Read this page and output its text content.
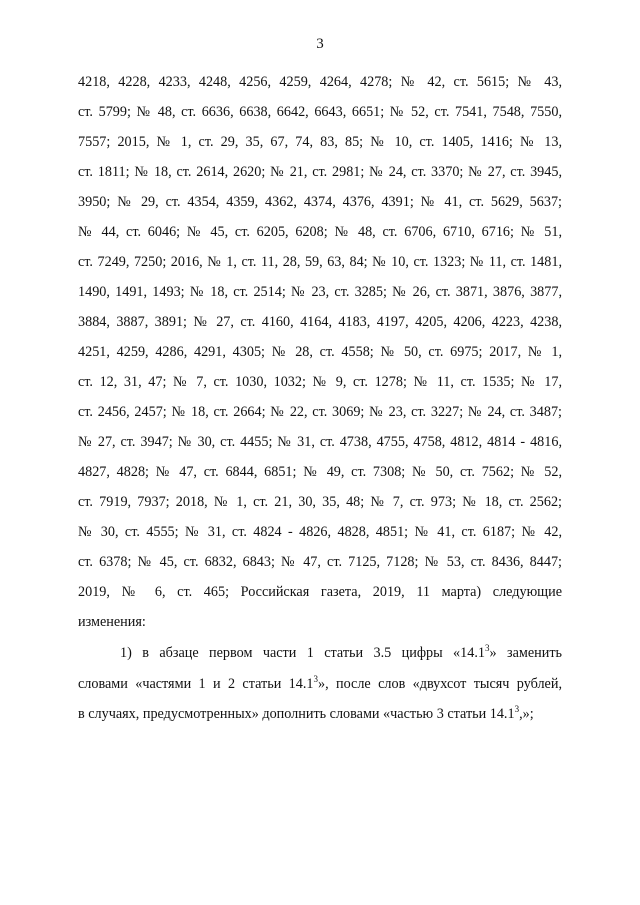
3
4218, 4228, 4233, 4248, 4256, 4259, 4264, 4278; № 42, ст. 5615; № 43,
ст. 5799; № 48, ст. 6636, 6638, 6642, 6643, 6651; № 52, ст. 7541, 7548, 7550,
7557; 2015, № 1, ст. 29, 35, 67, 74, 83, 85; № 10, ст. 1405, 1416; № 13,
ст. 1811; № 18, ст. 2614, 2620; № 21, ст. 2981; № 24, ст. 3370; № 27, ст. 3945,
3950; № 29, ст. 4354, 4359, 4362, 4374, 4376, 4391; № 41, ст. 5629, 5637;
№ 44, ст. 6046; № 45, ст. 6205, 6208; № 48, ст. 6706, 6710, 6716; № 51,
ст. 7249, 7250; 2016, № 1, ст. 11, 28, 59, 63, 84; № 10, ст. 1323; № 11, ст. 1481,
1490, 1491, 1493; № 18, ст. 2514; № 23, ст. 3285; № 26, ст. 3871, 3876, 3877,
3884, 3887, 3891; № 27, ст. 4160, 4164, 4183, 4197, 4205, 4206, 4223, 4238,
4251, 4259, 4286, 4291, 4305; № 28, ст. 4558; № 50, ст. 6975; 2017, № 1,
ст. 12, 31, 47; № 7, ст. 1030, 1032; № 9, ст. 1278; № 11, ст. 1535; № 17,
ст. 2456, 2457; № 18, ст. 2664; № 22, ст. 3069; № 23, ст. 3227; № 24, ст. 3487;
№ 27, ст. 3947; № 30, ст. 4455; № 31, ст. 4738, 4755, 4758, 4812, 4814 - 4816,
4827, 4828; № 47, ст. 6844, 6851; № 49, ст. 7308; № 50, ст. 7562; № 52,
ст. 7919, 7937; 2018, № 1, ст. 21, 30, 35, 48; № 7, ст. 973; № 18, ст. 2562;
№ 30, ст. 4555; № 31, ст. 4824 - 4826, 4828, 4851; № 41, ст. 6187; № 42,
ст. 6378; № 45, ст. 6832, 6843; № 47, ст. 7125, 7128; № 53, ст. 8436, 8447;
2019, № 6, ст. 465; Российская газета, 2019, 11 марта) следующие
изменения:
1) в абзаце первом части 1 статьи 3.5 цифры «14.1$^3$» заменить
словами «частями 1 и 2 статьи 14.1$^3$», после слов «двухсот тысяч рублей,
в случаях, предусмотренных» дополнить словами «частью 3 статьи 14.1$^3$,»;
